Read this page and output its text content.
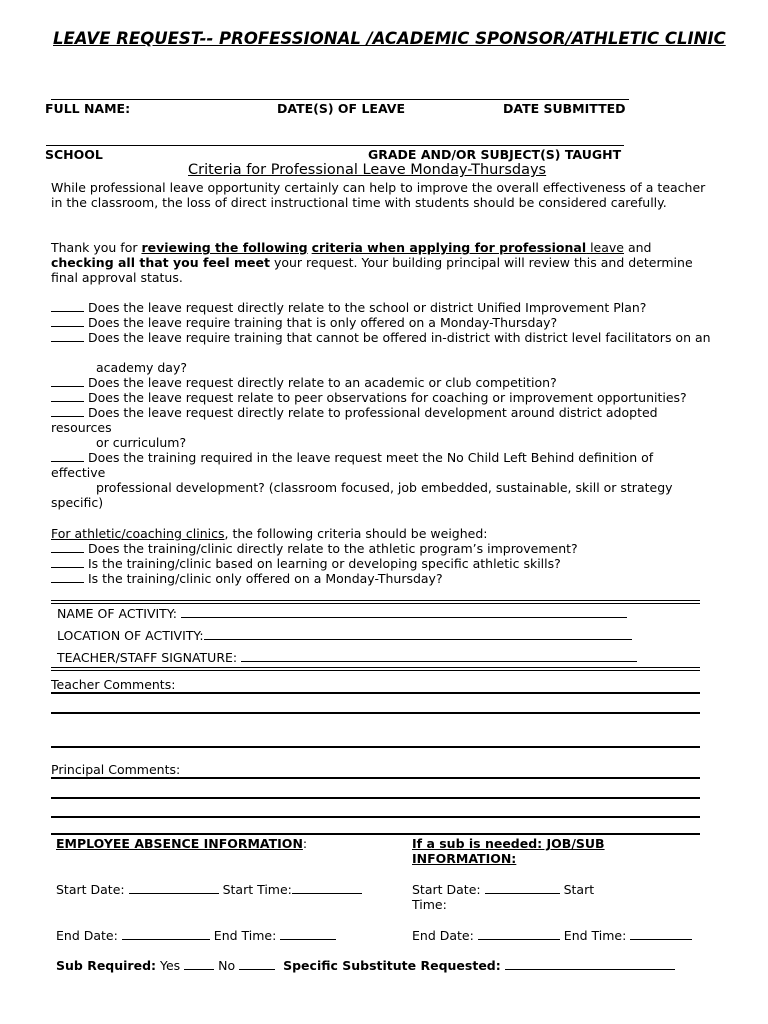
LEAVE REQUEST-- PROFESSIONAL /ACADEMIC SPONSOR/ATHLETIC CLINIC
FULL NAME:	DATE(S) OF LEAVE	DATE SUBMITTED
SCHOOL	GRADE AND/OR SUBJECT(S) TAUGHT
Criteria for Professional Leave Monday-Thursdays
While professional leave opportunity certainly can help to improve the overall effectiveness of a teacher in the classroom, the loss of direct instructional time with students should be considered carefully.
Thank you for reviewing the following criteria when applying for professional leave and checking all that you feel meet your request. Your building principal will review this and determine final approval status.
Does the leave request directly relate to the school or district Unified Improvement Plan?
Does the leave require training that is only offered on a Monday-Thursday?
Does the leave require training that cannot be offered in-district with district level facilitators on an
academy day?
Does the leave request directly relate to an academic or club competition?
Does the leave request relate to peer observations for coaching or improvement opportunities?
Does the leave request directly relate to professional development around district adopted resources
or curriculum?
Does the training required in the leave request meet the No Child Left Behind definition of effective
professional development? (classroom focused, job embedded, sustainable, skill or strategy specific)
For athletic/coaching clinics, the following criteria should be weighed:
Does the training/clinic directly relate to the athletic program’s improvement?
Is the training/clinic based on learning or developing specific athletic skills?
Is the training/clinic only offered on a Monday-Thursday?
NAME OF ACTIVITY:
LOCATION OF ACTIVITY:
TEACHER/STAFF SIGNATURE:
Teacher Comments:
Principal Comments:
EMPLOYEE ABSENCE INFORMATION:	If a sub is needed: JOB/SUB INFORMATION:
Start Date:	Start Time:	Start Date:	Start Time:
End Date:	End Time:	End Date:	End Time:
Sub Required: Yes	No	Specific Substitute Requested:
